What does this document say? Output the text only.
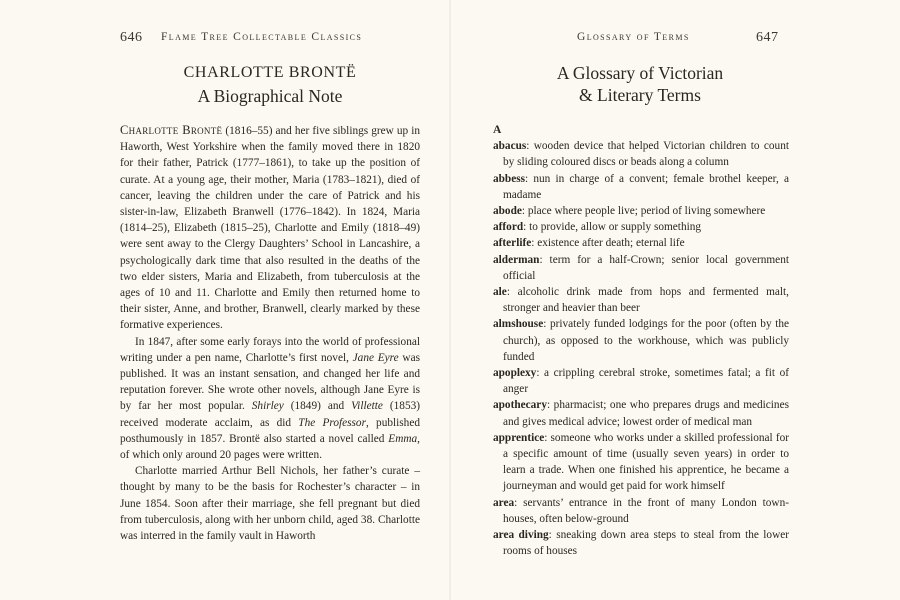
646 Flame Tree Collectable Classics
CHARLOTTE BRONTË
A Biographical Note

Charlotte Brontë (1816–55) and her five siblings grew up in Haworth, West Yorkshire when the family moved there in 1820 for their father, Patrick (1777–1861), to take up the position of curate. At a young age, their mother, Maria (1783–1821), died of cancer, leaving the children under the care of Patrick and his sister-in-law, Elizabeth Branwell (1776–1842). In 1824, Maria (1814–25), Elizabeth (1815–25), Charlotte and Emily (1818–49) were sent away to the Clergy Daughters’ School in Lancashire, a psychologically dark time that also resulted in the deaths of the two elder sisters, Maria and Elizabeth, from tuberculosis at the ages of 10 and 11. Charlotte and Emily then returned home to their sister, Anne, and brother, Branwell, clearly marked by these formative experiences.

In 1847, after some early forays into the world of professional writing under a pen name, Charlotte’s first novel, Jane Eyre was published. It was an instant sensation, and changed her life and reputation forever. She wrote other novels, although Jane Eyre is by far her most popular. Shirley (1849) and Villette (1853) received moderate acclaim, as did The Professor, published posthumously in 1857. Brontë also started a novel called Emma, of which only around 20 pages were written.

Charlotte married Arthur Bell Nichols, her father’s curate – thought by many to be the basis for Rochester’s character – in June 1854. Soon after their marriage, she fell pregnant but died from tuberculosis, along with her unborn child, aged 38. Charlotte was interred in the family vault in Haworth

Glossary of Terms	647
A Glossary of Victorian
& Literary Terms
A

abacus: wooden device that helped Victorian children to count by sliding coloured discs or beads along a column

abbess: nun in charge of a convent; female brothel keeper, a madame

abode: place where people live; period of living somewhere

afford: to provide, allow or supply something

afterlife: existence after death; eternal life

alderman: term for a half-Crown; senior local government official

ale: alcoholic drink made from hops and fermented malt, stronger and heavier than beer

almshouse: privately funded lodgings for the poor (often by the church), as opposed to the workhouse, which was publicly funded

apoplexy: a crippling cerebral stroke, sometimes fatal; a fit of anger

apothecary: pharmacist; one who prepares drugs and medicines and gives medical advice; lowest order of medical man

apprentice: someone who works under a skilled professional for a specific amount of time (usually seven years) in order to learn a trade. When one finished his apprentice, he became a journeyman and would get paid for work himself

area: servants’ entrance in the front of many London town-houses, often below-ground

area diving: sneaking down area steps to steal from the lower rooms of houses
